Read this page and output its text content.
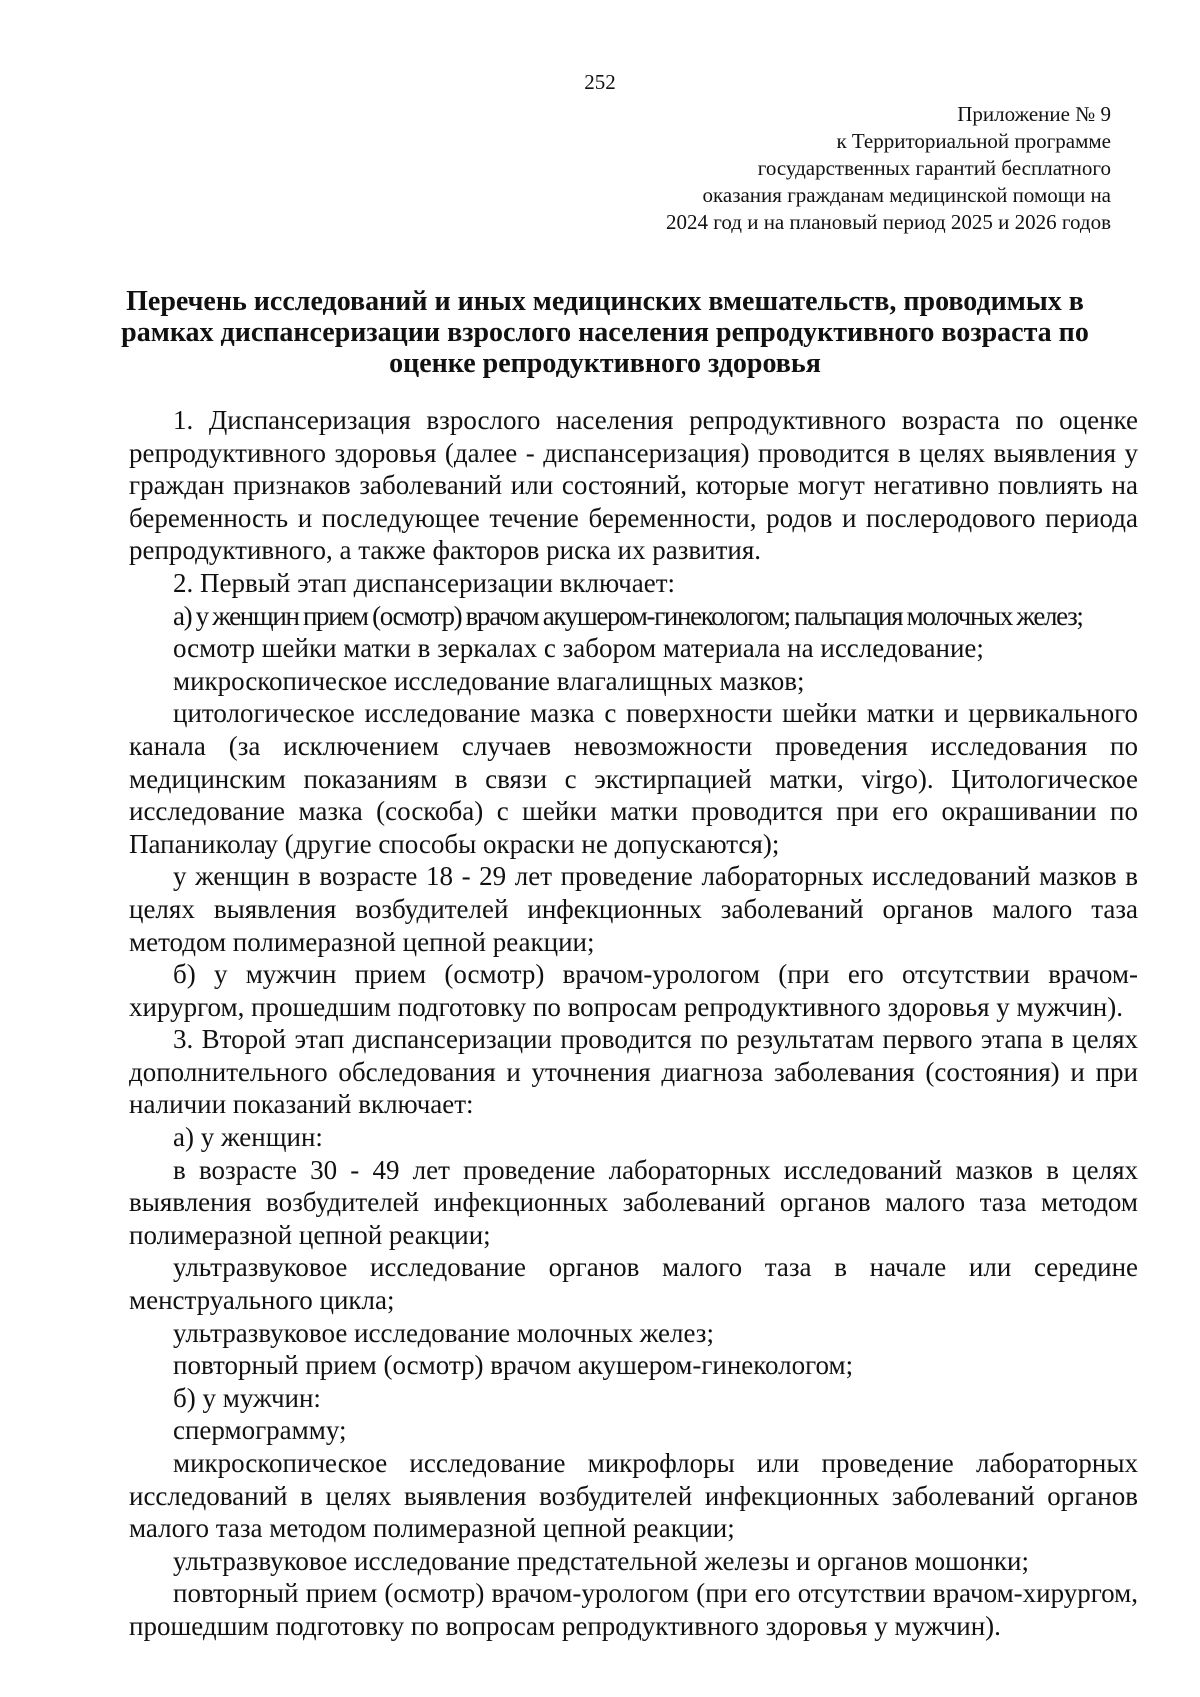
252
Приложение № 9
к Территориальной программе
государственных гарантий бесплатного
оказания гражданам медицинской помощи на
2024 год и на плановый период 2025 и 2026 годов
Перечень исследований и иных медицинских вмешательств, проводимых в
рамках диспансеризации взрослого населения репродуктивного возраста по
оценке репродуктивного здоровья

1. Диспансеризация взрослого населения репродуктивного возраста по оценке репродуктивного здоровья (далее - диспансеризация) проводится в целях выявления у граждан признаков заболеваний или состояний, которые могут негативно повлиять на беременность и последующее течение беременности, родов и послеродового периода репродуктивного, а также факторов риска их развития.

2. Первый этап диспансеризации включает:

а) у женщин прием (осмотр) врачом акушером-гинекологом; пальпация молочных желез;

осмотр шейки матки в зеркалах с забором материала на исследование;

микроскопическое исследование влагалищных мазков;

цитологическое исследование мазка с поверхности шейки матки и цервикального канала (за исключением случаев невозможности проведения исследования по медицинским показаниям в связи с экстирпацией матки, virgo). Цитологическое исследование мазка (соскоба) с шейки матки проводится при его окрашивании по Папаниколау (другие способы окраски не допускаются);

у женщин в возрасте 18 - 29 лет проведение лабораторных исследований мазков в целях выявления возбудителей инфекционных заболеваний органов малого таза методом полимеразной цепной реакции;

б) у мужчин прием (осмотр) врачом-урологом (при его отсутствии врачом-хирургом, прошедшим подготовку по вопросам репродуктивного здоровья у мужчин).

3. Второй этап диспансеризации проводится по результатам первого этапа в целях дополнительного обследования и уточнения диагноза заболевания (состояния) и при наличии показаний включает:

а) у женщин:

в возрасте 30 - 49 лет проведение лабораторных исследований мазков в целях выявления возбудителей инфекционных заболеваний органов малого таза методом полимеразной цепной реакции;

ультразвуковое исследование органов малого таза в начале или середине менструального цикла;

ультразвуковое исследование молочных желез;

повторный прием (осмотр) врачом акушером-гинекологом;

б) у мужчин:

спермограмму;

микроскопическое исследование микрофлоры или проведение лабораторных исследований в целях выявления возбудителей инфекционных заболеваний органов малого таза методом полимеразной цепной реакции;

ультразвуковое исследование предстательной железы и органов мошонки;

повторный прием (осмотр) врачом-урологом (при его отсутствии врачом-хирургом, прошедшим подготовку по вопросам репродуктивного здоровья у мужчин).
